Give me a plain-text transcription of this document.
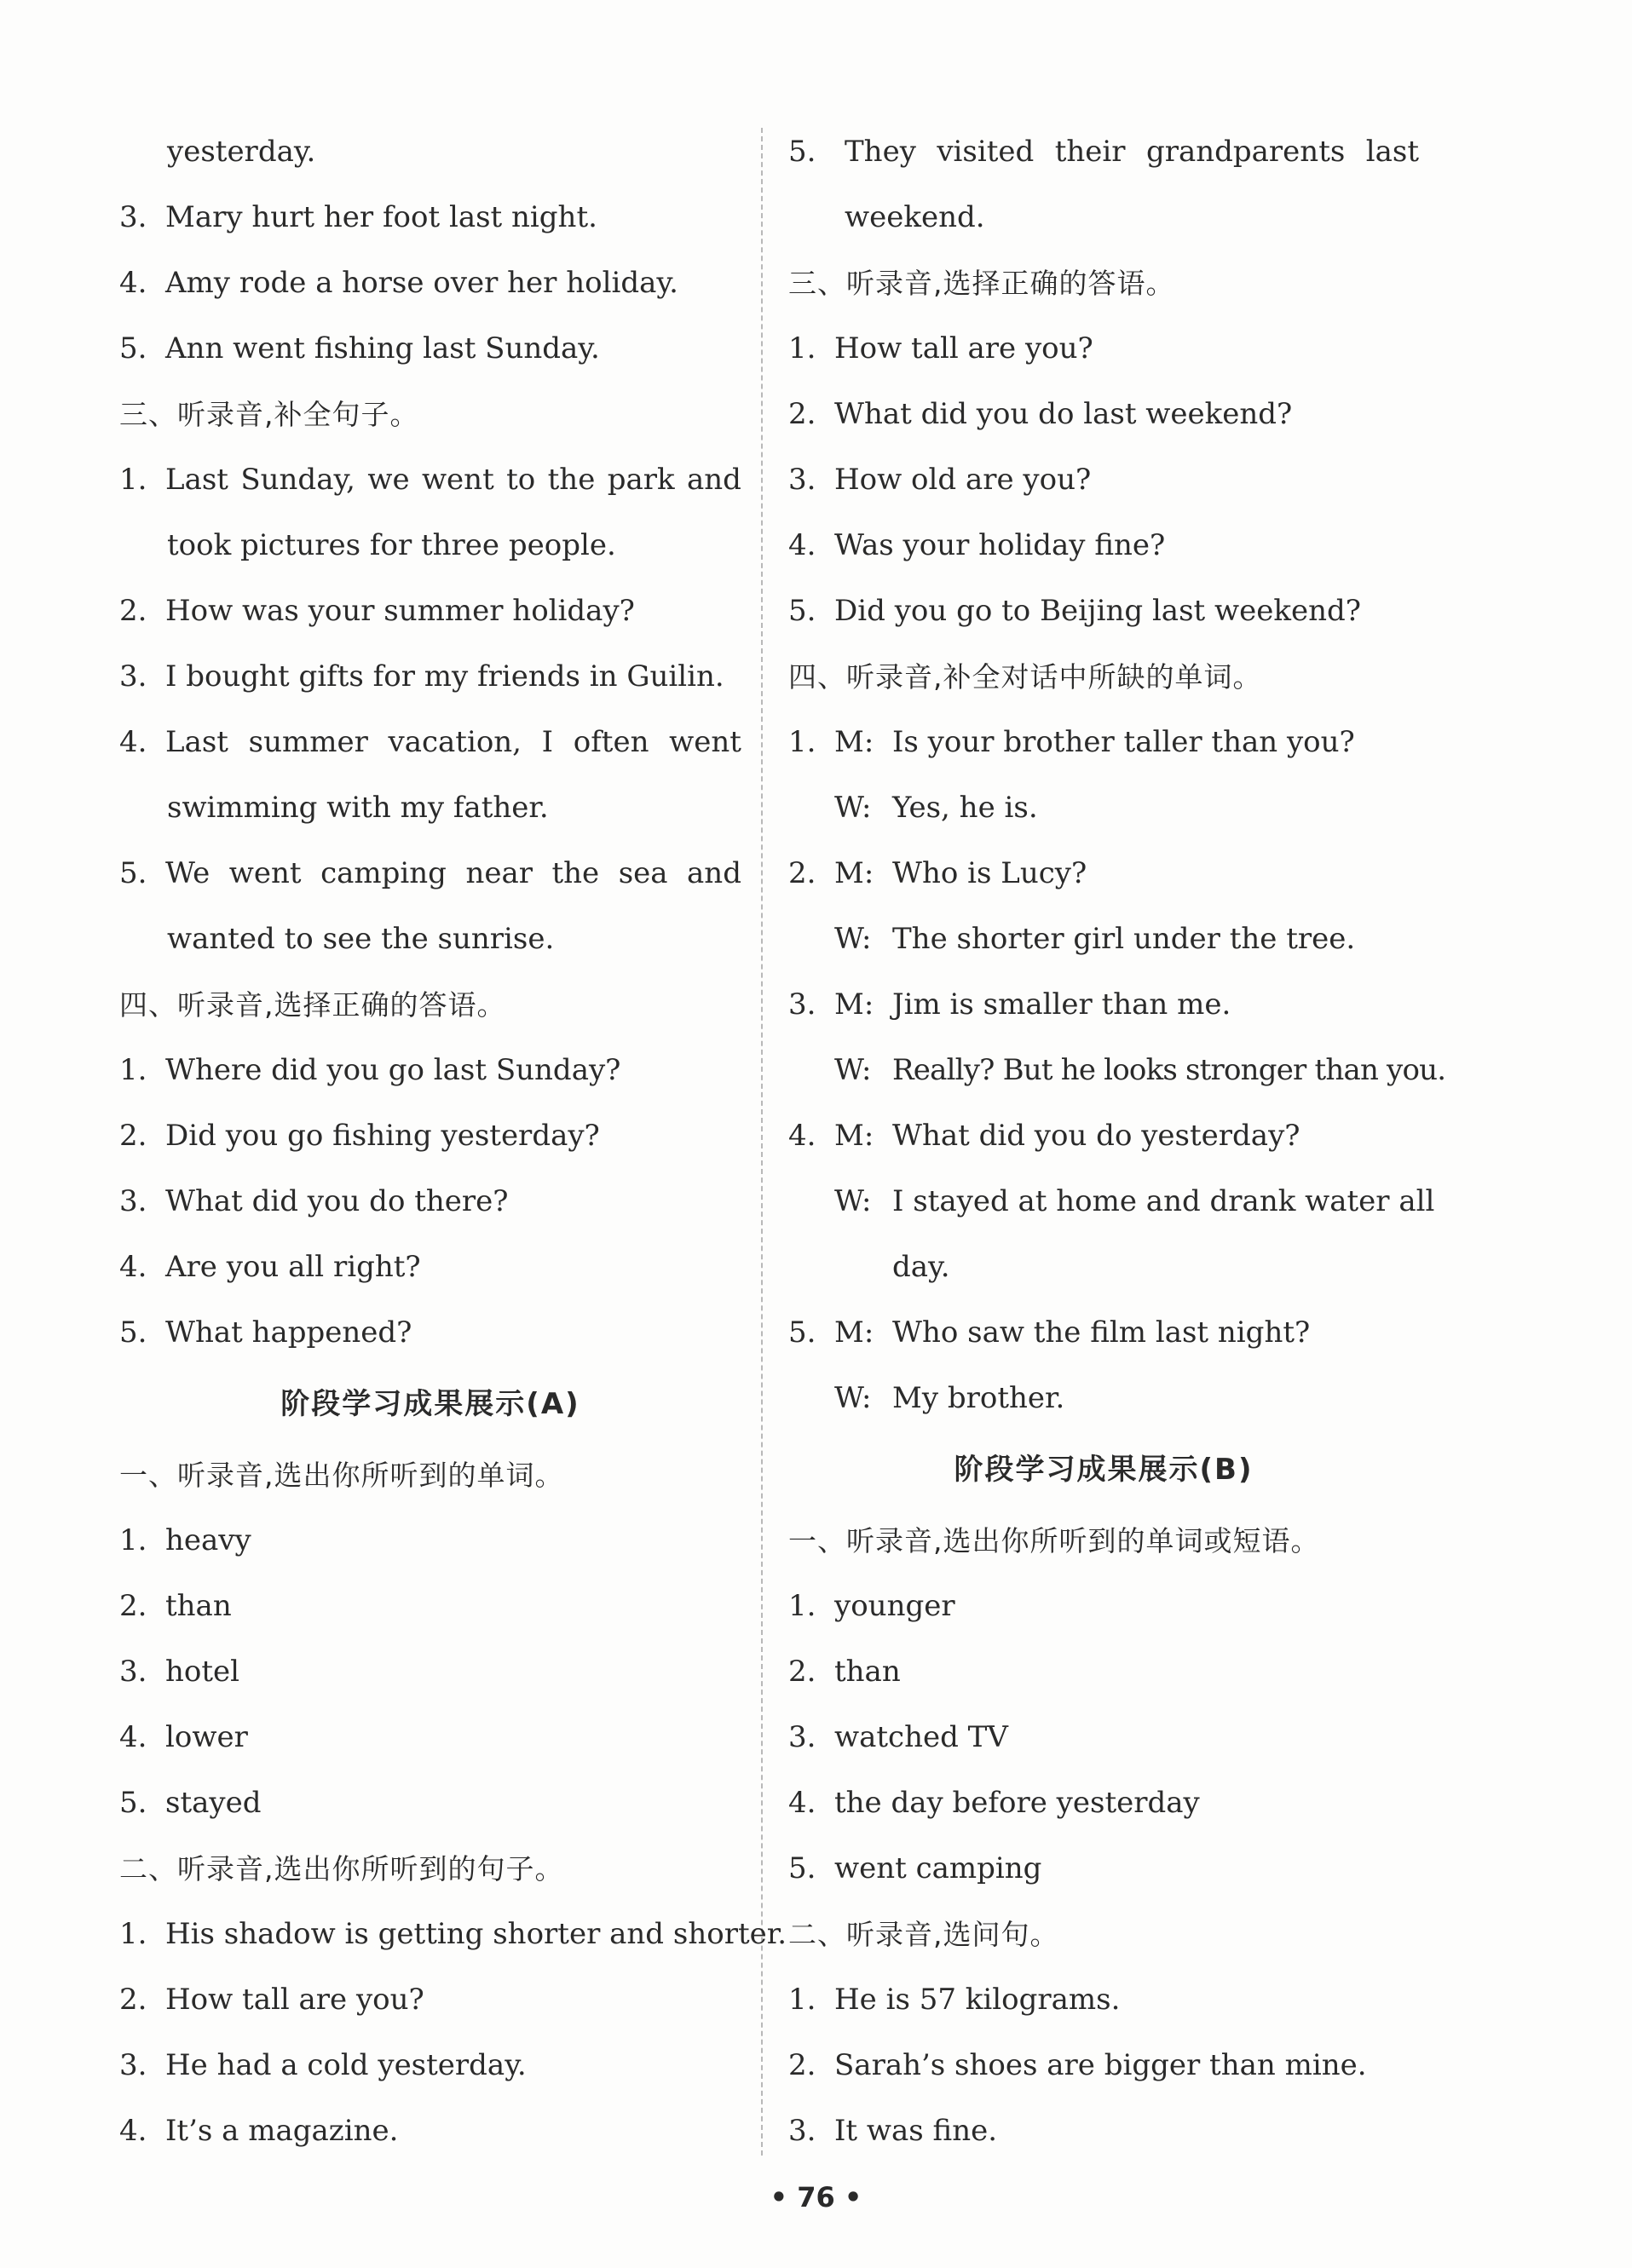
yesterday.
3. Mary hurt her foot last night.
4. Amy rode a horse over her holiday.
5. Ann went fishing last Sunday.
三、听录音,补全句子。
1. Last Sunday, we went to the park and
took pictures for three people.
2. How was your summer holiday?
3. I bought gifts for my friends in Guilin.
4. Last summer vacation, I often went
swimming with my father.
5. We went camping near the sea and
wanted to see the sunrise.
四、听录音,选择正确的答语。
1. Where did you go last Sunday?
2. Did you go fishing yesterday?
3. What did you do there?
4. Are you all right?
5. What happened?
阶段学习成果展示(A)
一、听录音,选出你所听到的单词。
1. heavy
2. than
3. hotel
4. lower
5. stayed
二、听录音,选出你所听到的句子。
1. His shadow is getting shorter and shorter.
2. How tall are you?
3. He had a cold yesterday.
4. It’s a magazine.
5. They visited their grandparents last
weekend.
三、听录音,选择正确的答语。
1. How tall are you?
2. What did you do last weekend?
3. How old are you?
4. Was your holiday fine?
5. Did you go to Beijing last weekend?
四、听录音,补全对话中所缺的单词。
1. M: Is your brother taller than you?
W: Yes, he is.
2. M: Who is Lucy?
W: The shorter girl under the tree.
3. M: Jim is smaller than me.
W: Really? But he looks stronger than you.
4. M: What did you do yesterday?
W: I stayed at home and drank water all
day.
5. M: Who saw the film last night?
W: My brother.
阶段学习成果展示(B)
一、听录音,选出你所听到的单词或短语。
1. younger
2. than
3. watched TV
4. the day before yesterday
5. went camping
二、听录音,选问句。
1. He is 57 kilograms.
2. Sarah’s shoes are bigger than mine.
3. It was fine.
• 76 •
